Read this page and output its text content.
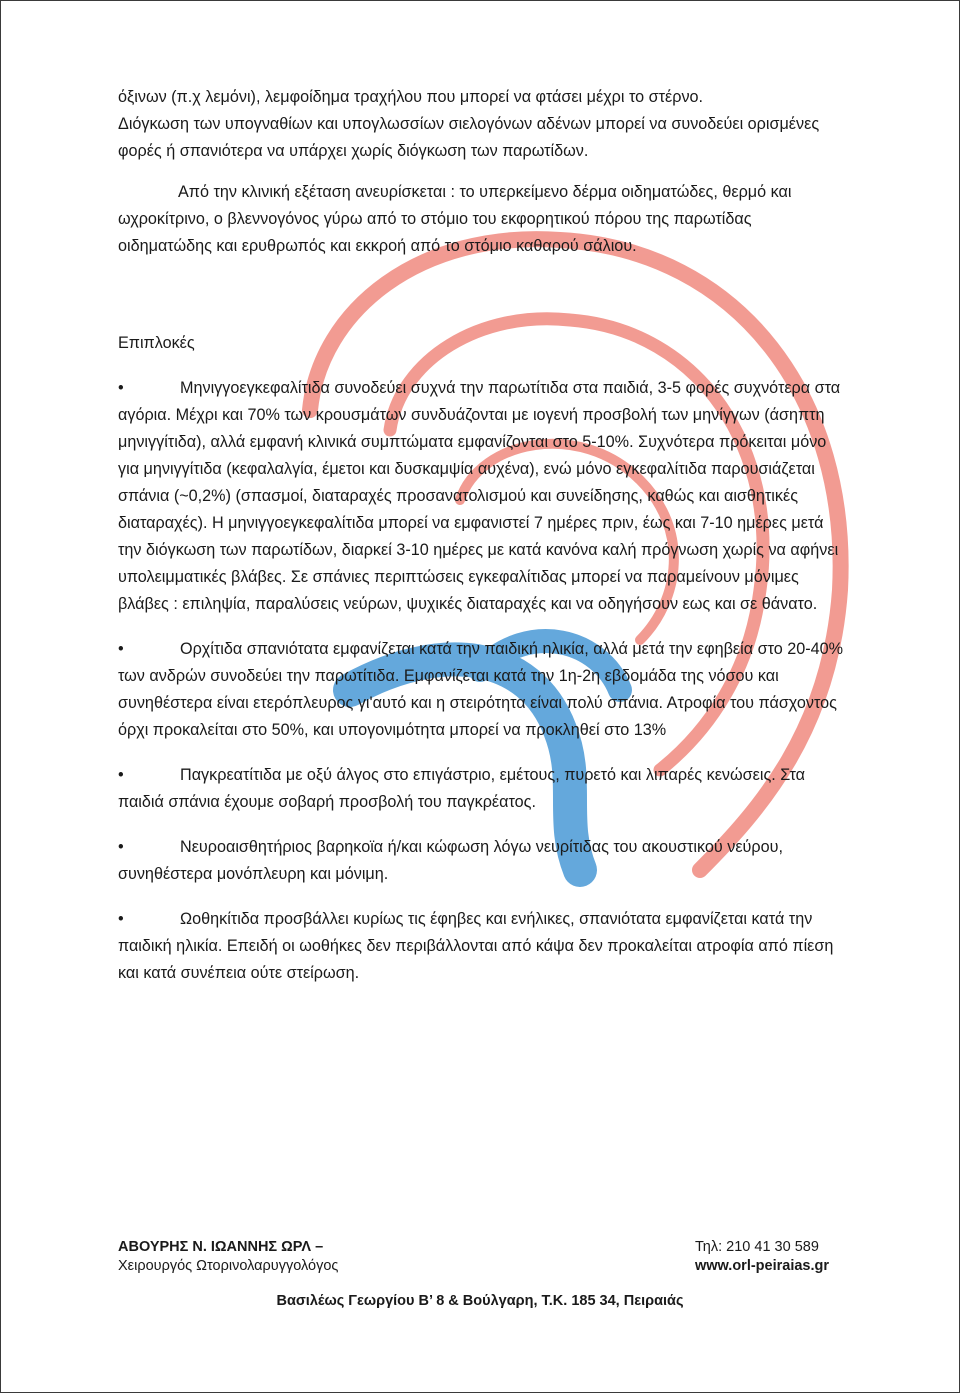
όξινων (π.χ λεμόνι), λεμφοίδημα τραχήλου που μπορεί να φτάσει μέχρι το στέρνο.

Διόγκωση των υπογναθίων και υπογλωσσίων σιελογόνων αδένων μπορεί να συνοδεύει ορισμένες φορές ή σπανιότερα να υπάρχει χωρίς διόγκωση των παρωτίδων.

Από την κλινική εξέταση ανευρίσκεται : το υπερκείμενο δέρμα οιδηματώδες, θερμό και ωχροκίτρινο, ο βλεννογόνος γύρω από το στόμιο του εκφορητικού πόρου της παρωτίδας οιδηματώδης και ερυθρωπός και εκκροή από το στόμιο καθαρού σάλιου.

Επιπλοκές

•	Μηνιγγοεγκεφαλίτιδα συνοδεύει συχνά την παρωτίτιδα στα παιδιά, 3-5 φορές συχνότερα στα αγόρια. Μέχρι και 70% των κρουσμάτων συνδυάζονται με ιογενή προσβολή των μηνίγγων (άσηπτη μηνιγγίτιδα), αλλά εμφανή κλινικά συμπτώματα εμφανίζονται στο 5-10%. Συχνότερα πρόκειται μόνο για μηνιγγίτιδα (κεφαλαλγία, έμετοι και δυσκαμψία αυχένα), ενώ μόνο εγκεφαλίτιδα παρουσιάζεται σπάνια (~0,2%) (σπασμοί, διαταραχές προσανατολισμού και συνείδησης, καθώς και αισθητικές διαταραχές). Η μηνιγγοεγκεφαλίτιδα μπορεί να εμφανιστεί 7 ημέρες πριν, έως και 7-10 ημέρες μετά την διόγκωση των παρωτίδων, διαρκεί 3-10 ημέρες με κατά κανόνα καλή πρόγνωση χωρίς να αφήνει υπολειμματικές βλάβες. Σε σπάνιες περιπτώσεις εγκεφαλίτιδας μπορεί να παραμείνουν μόνιμες βλάβες : επιληψία, παραλύσεις νεύρων, ψυχικές διαταραχές και να οδηγήσουν εως και σε θάνατο.

•	Ορχίτιδα σπανιότατα εμφανίζεται κατά την παιδική ηλικία, αλλά μετά την εφηβεία στο 20-40% των ανδρών συνοδεύει την παρωτίτιδα. Εμφανίζεται κατά την 1η-2η εβδομάδα της νόσου και συνηθέστερα είναι ετερόπλευρος γι'αυτό και η στειρότητα είναι πολύ σπάνια. Ατροφία του πάσχοντος όρχι προκαλείται στο 50%, και υπογονιμότητα μπορεί να προκληθεί στο 13%

•	Παγκρεατίτιδα με οξύ άλγος στο επιγάστριο, εμέτους, πυρετό και λιπαρές κενώσεις. Στα παιδιά σπάνια έχουμε σοβαρή προσβολή του παγκρέατος.

•	Νευροαισθητήριος βαρηκοϊα ή/και κώφωση λόγω νευρίτιδας του ακουστικού νεύρου, συνηθέστερα μονόπλευρη και μόνιμη.

•	Ωοθηκίτιδα προσβάλλει κυρίως τις έφηβες και ενήλικες, σπανιότατα εμφανίζεται κατά την παιδική ηλικία. Επειδή οι ωοθήκες δεν περιβάλλονται από κάψα δεν προκαλείται ατροφία από πίεση και κατά συνέπεια ούτε στείρωση.

ΑΒΟΥΡΗΣ Ν. ΙΩΑΝΝΗΣ ΩΡΛ –
Χειρουργός Ωτορινολαρυγγολόγος
Τηλ: 210 41 30 589
www.orl-peiraias.gr
Βασιλέως Γεωργίου Β’ 8 & Βούλγαρη, Τ.Κ. 185 34, Πειραιάς
